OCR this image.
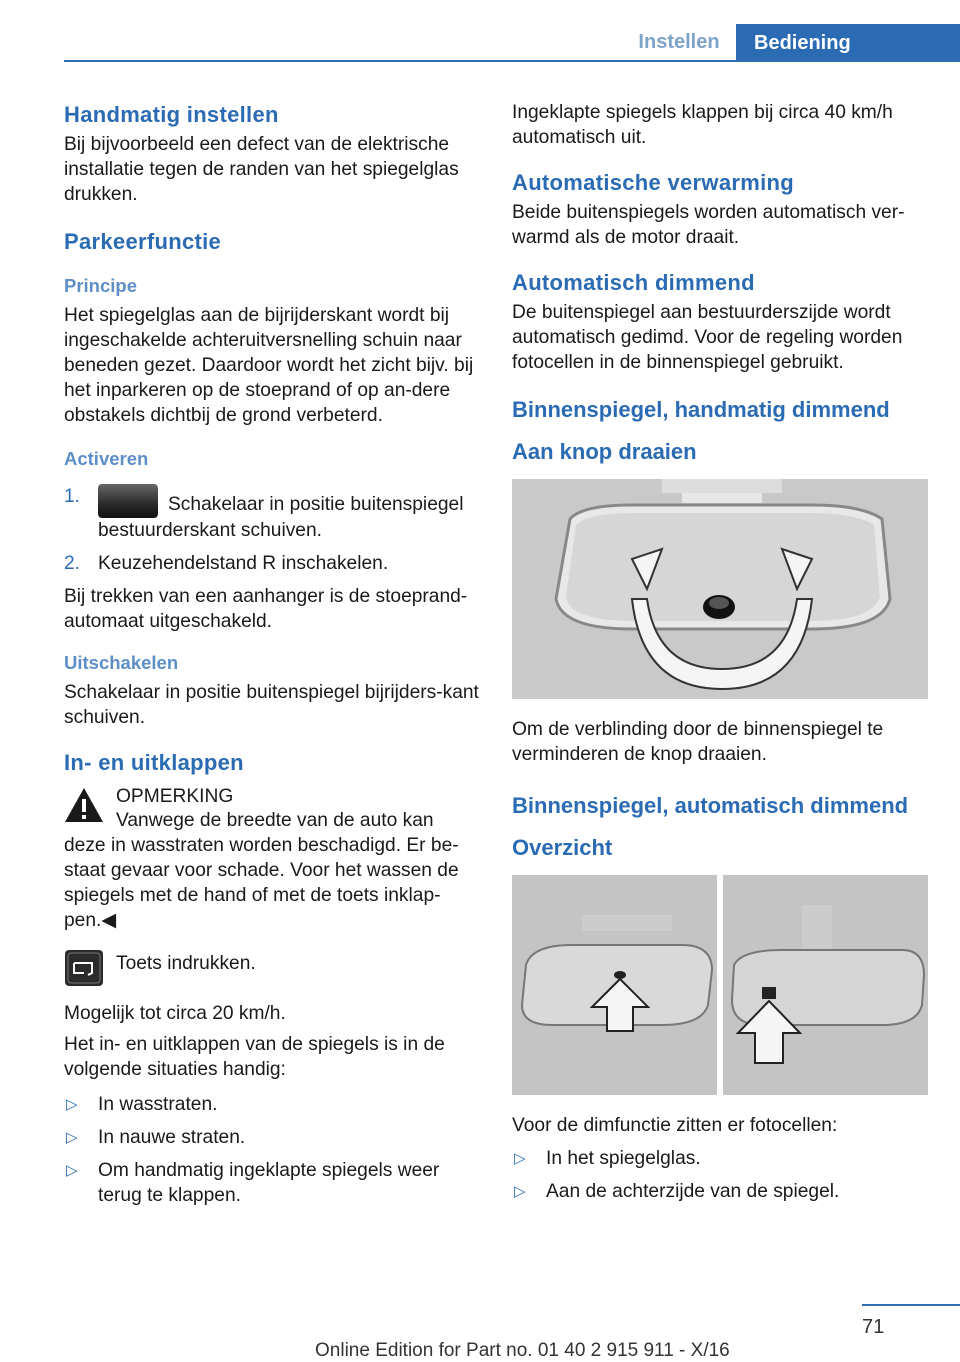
Instellen	Bediening
Handmatig instellen

Bij bijvoorbeeld een defect van de elektrische installatie tegen de randen van het spiegelglas drukken.

Parkeerfunctie
Principe

Het spiegelglas aan de bijrijderskant wordt bij ingeschakelde achteruitversnelling schuin naar beneden gezet. Daardoor wordt het zicht bijv. bij het inparkeren op de stoeprand of op an‐dere obstakels dichtbij de grond verbeterd.

Activeren
1.	Schakelaar in positie buitenspiegel bestuurderskant schuiven.
2. Keuzehendelstand R inschakelen.

Bij trekken van een aanhanger is de stoeprand‐automaat uitgeschakeld.

Uitschakelen

Schakelaar in positie buitenspiegel bijrijders‐kant schuiven.

In- en uitklappen
OPMERKING

Vanwege de breedte van de auto kan deze in wasstraten worden beschadigd. Er be‐staat gevaar voor schade. Voor het wassen de spiegels met de hand of met de toets inklap‐pen.◀

Toets indrukken.

Mogelijk tot circa 20 km/h.

Het in- en uitklappen van de spiegels is in de volgende situaties handig:

▷ In wasstraten.
▷ In nauwe straten.
▷ Om handmatig ingeklapte spiegels weer terug te klappen.

Ingeklapte spiegels klappen bij circa 40 km/h automatisch uit.

Automatische verwarming

Beide buitenspiegels worden automatisch ver‐warmd als de motor draait.

Automatisch dimmend

De buitenspiegel aan bestuurderszijde wordt automatisch gedimd. Voor de regeling worden fotocellen in de binnenspiegel gebruikt.

Binnenspiegel, handmatig dimmend
Aan knop draaien

Om de verblinding door de binnenspiegel te verminderen de knop draaien.

Binnenspiegel, automatisch dimmend
Overzicht

Voor de dimfunctie zitten er fotocellen:

▷ In het spiegelglas.
▷ Aan de achterzijde van de spiegel.
71
Online Edition for Part no. 01 40 2 915 911 - X/16
